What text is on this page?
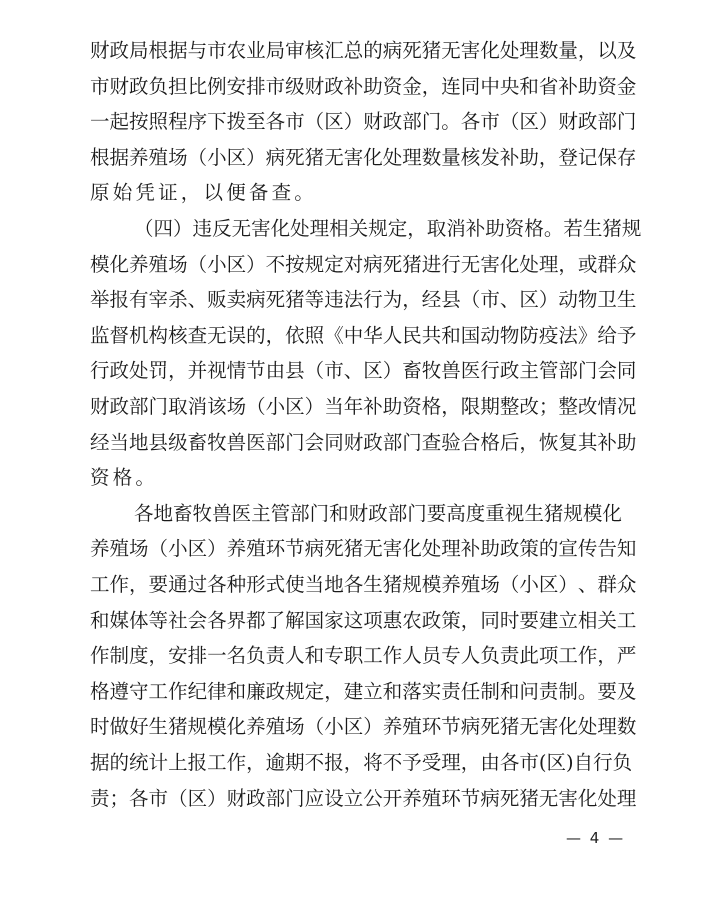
财 政 局 根 据 与 市 农 业 局 审 核 汇 总 的 病 死 猪 无 害 化 处 理 数 量 ， 以 及
市 财 政 负 担 比 例 安 排 市 级 财 政 补 助 资 金 ， 连 同 中 央 和 省 补 助 资 金
一 起 按 照 程 序 下 拨 至 各 市 （ 区 ） 财 政 部 门 。 各 市 （ 区 ） 财 政 部 门
根 据 养 殖 场 （ 小 区 ） 病 死 猪 无 害 化 处 理 数 量 核 发 补 助 ， 登 记 保 存
原始凭证，以便备查。
（ 四 ） 违 反 无 害 化 处 理 相 关 规 定 ， 取 消 补 助 资 格 。 若 生 猪 规
模 化 养 殖 场 （ 小 区 ） 不 按 规 定 对 病 死 猪 进 行 无 害 化 处 理 ， 或 群 众
举 报 有 宰 杀 、 贩 卖 病 死 猪 等 违 法 行 为 ， 经 县 （ 市 、 区 ） 动 物 卫 生
监 督 机 构 核 查 无 误 的 ， 依 照 《 中 华 人 民 共 和 国 动 物 防 疫 法 》 给 予
行 政 处 罚 ， 并 视 情 节 由 县 （ 市 、 区 ） 畜 牧 兽 医 行 政 主 管 部 门 会 同
财 政 部 门 取 消 该 场 （ 小 区 ） 当 年 补 助 资 格 ， 限 期 整 改 ； 整 改 情 况
经 当 地 县 级 畜 牧 兽 医 部 门 会 同 财 政 部 门 查 验 合 格 后 ， 恢 复 其 补 助
资格。
各 地 畜 牧 兽 医 主 管 部 门 和 财 政 部 门 要 高 度 重 视 生 猪 规 模 化
养 殖 场 （ 小 区 ） 养 殖 环 节 病 死 猪 无 害 化 处 理 补 助 政 策 的 宣 传 告 知
工 作 ， 要 通 过 各 种 形 式 使 当 地 各 生 猪 规 模 养 殖 场 （ 小 区 ） 、 群 众
和 媒 体 等 社 会 各 界 都 了 解 国 家 这 项 惠 农 政 策 ， 同 时 要 建 立 相 关 工
作 制 度 ， 安 排 一 名 负 责 人 和 专 职 工 作 人 员 专 人 负 责 此 项 工 作 ， 严
格 遵 守 工 作 纪 律 和 廉 政 规 定 ， 建 立 和 落 实 责 任 制 和 问 责 制 。 要 及
时 做 好 生 猪 规 模 化 养 殖 场 （ 小 区 ） 养 殖 环 节 病 死 猪 无 害 化 处 理 数
据 的 统 计 上 报 工 作 ， 逾 期 不 报 ， 将 不 予 受 理 ， 由 各 市 ( 区 ) 自 行 负
责 ； 各 市 （ 区 ） 财 政 部 门 应 设 立 公 开 养 殖 环 节 病 死 猪 无 害 化 处 理
— 4 —
